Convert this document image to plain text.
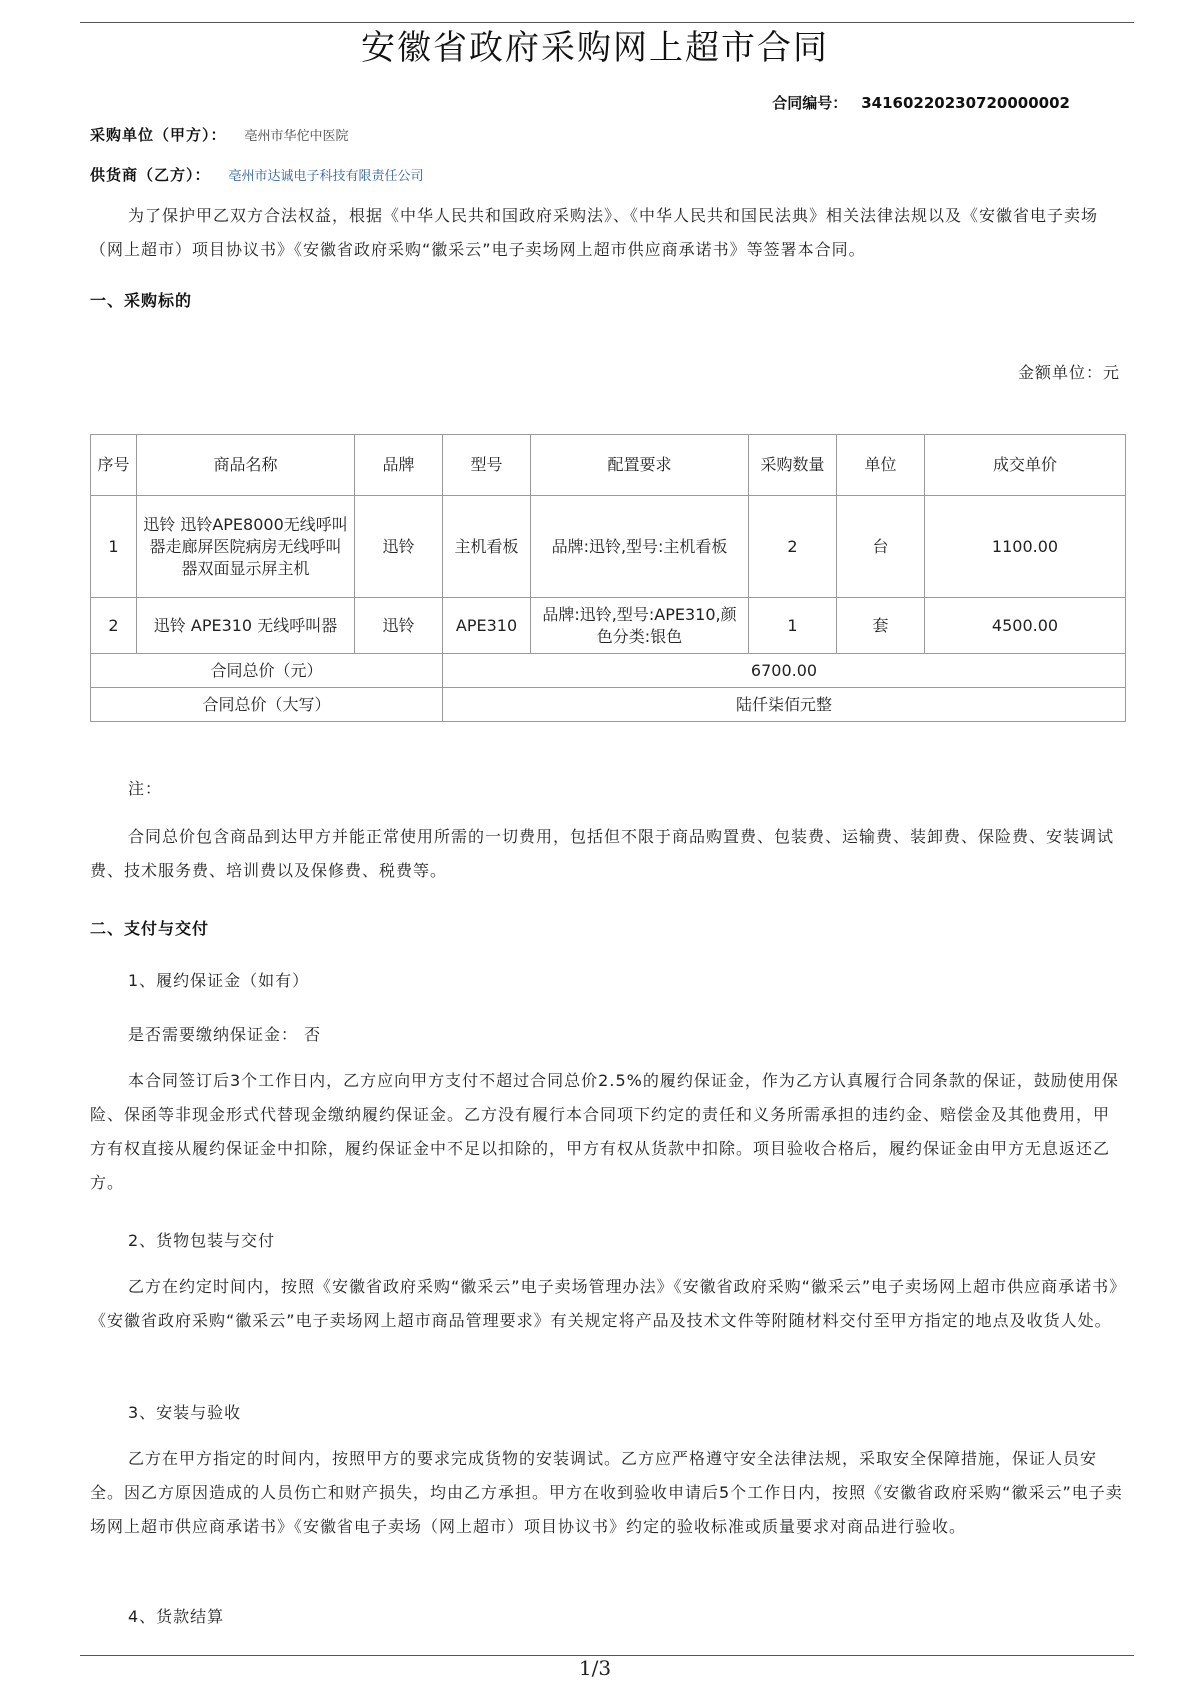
安徽省政府采购网上超市合同
合同编号： 34160220230720000002
采购单位（甲方）： 亳州市华佗中医院
供货商（乙方）： 亳州市达诚电子科技有限责任公司

为了保护甲乙双方合法权益，根据《中华人民共和国政府采购法》、《中华人民共和国民法典》相关法律法规以及《安徽省电子卖场（网上超市）项目协议书》《安徽省政府采购“徽采云”电子卖场网上超市供应商承诺书》等签署本合同。

一、采购标的
金额单位：元
序号	商品名称	品牌	型号	配置要求	采购数量	单位	成交单价
1	迅铃 迅铃APE8000无线呼叫器走廊屏医院病房无线呼叫器双面显示屏主机	迅铃	主机看板	品牌:迅铃,型号:主机看板	2	台	1100.00
2	迅铃 APE310 无线呼叫器	迅铃	APE310	品牌:迅铃,型号:APE310,颜色分类:银色	1	套	4500.00
合同总价（元）			6700.00				
合同总价（大写）			陆仟柒佰元整				
注：

合同总价包含商品到达甲方并能正常使用所需的一切费用，包括但不限于商品购置费、包装费、运输费、装卸费、保险费、安装调试费、技术服务费、培训费以及保修费、税费等。

二、支付与交付
1、履约保证金（如有）
是否需要缴纳保证金： 否

本合同签订后3个工作日内，乙方应向甲方支付不超过合同总价2.5%的履约保证金，作为乙方认真履行合同条款的保证，鼓励使用保险、保函等非现金形式代替现金缴纳履约保证金。乙方没有履行本合同项下约定的责任和义务所需承担的违约金、赔偿金及其他费用，甲方有权直接从履约保证金中扣除，履约保证金中不足以扣除的，甲方有权从货款中扣除。项目验收合格后，履约保证金由甲方无息返还乙方。

2、货物包装与交付

乙方在约定时间内，按照《安徽省政府采购“徽采云”电子卖场管理办法》《安徽省政府采购“徽采云”电子卖场网上超市供应商承诺书》《安徽省政府采购“徽采云”电子卖场网上超市商品管理要求》有关规定将产品及技术文件等附随材料交付至甲方指定的地点及收货人处。

3、安装与验收

乙方在甲方指定的时间内，按照甲方的要求完成货物的安装调试。乙方应严格遵守安全法律法规，采取安全保障措施，保证人员安全。因乙方原因造成的人员伤亡和财产损失，均由乙方承担。甲方在收到验收申请后5个工作日内，按照《安徽省政府采购“徽采云”电子卖场网上超市供应商承诺书》《安徽省电子卖场（网上超市）项目协议书》约定的验收标准或质量要求对商品进行验收。

4、货款结算
1/3
